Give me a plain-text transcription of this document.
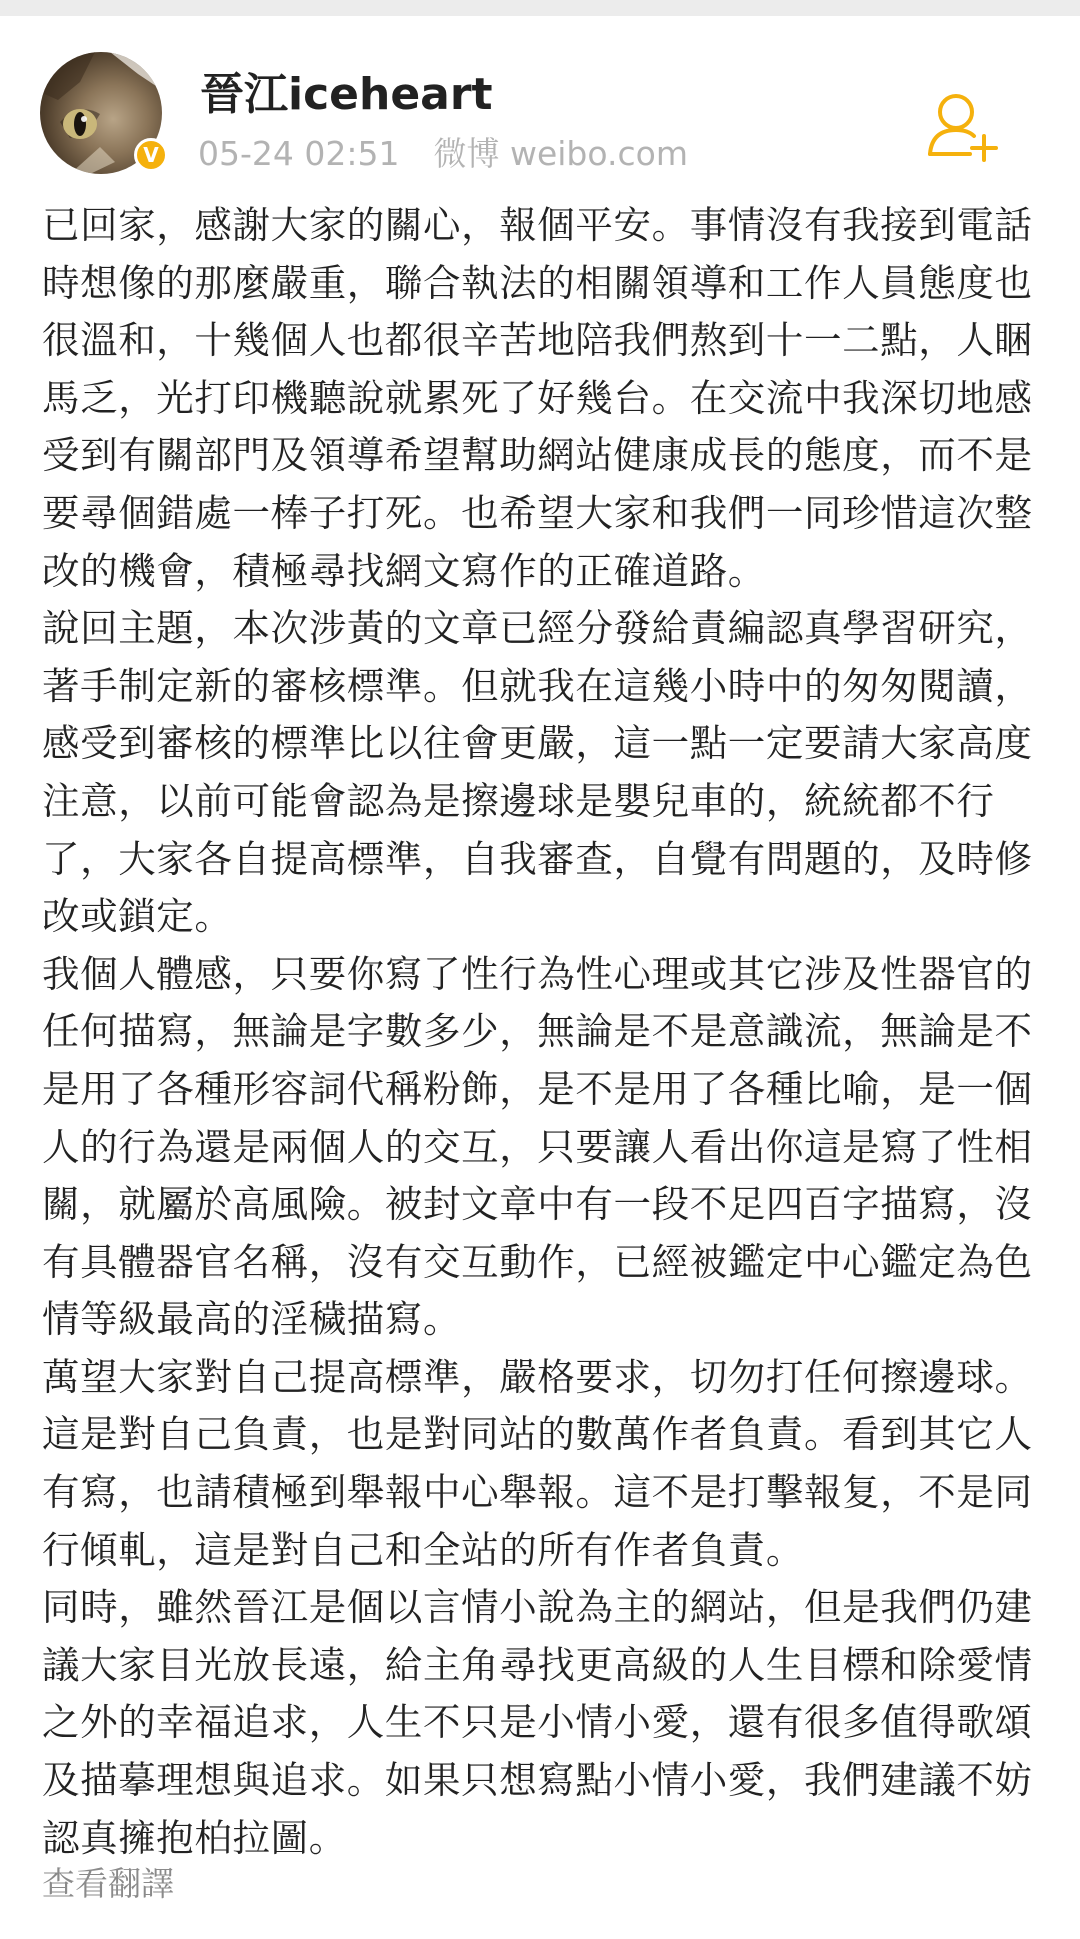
V
晉江iceheart
05-24 02:51 微博 weibo.com

已回家，感謝大家的關心，報個平安。事情沒有我接到電話時想像的那麼嚴重，聯合執法的相關領導和工作人員態度也很溫和，十幾個人也都很辛苦地陪我們熬到十一二點，人睏馬乏，光打印機聽說就累死了好幾台。在交流中我深切地感受到有關部門及領導希望幫助網站健康成長的態度，而不是要尋個錯處一棒子打死。也希望大家和我們一同珍惜這次整改的機會，積極尋找網文寫作的正確道路。

說回主題，本次涉黃的文章已經分發給責編認真學習研究，著手制定新的審核標準。但就我在這幾小時中的匆匆閱讀，感受到審核的標準比以往會更嚴，這一點一定要請大家高度注意，以前可能會認為是擦邊球是嬰兒車的，統統都不行了，大家各自提高標準，自我審查，自覺有問題的，及時修改或鎖定。

我個人體感，只要你寫了性行為性心理或其它涉及性器官的任何描寫，無論是字數多少，無論是不是意識流，無論是不是用了各種形容詞代稱粉飾，是不是用了各種比喻，是一個人的行為還是兩個人的交互，只要讓人看出你這是寫了性相關，就屬於高風險。被封文章中有一段不足四百字描寫，沒有具體器官名稱，沒有交互動作，已經被鑑定中心鑑定為色情等級最高的淫穢描寫。

萬望大家對自己提高標準，嚴格要求，切勿打任何擦邊球。這是對自己負責，也是對同站的數萬作者負責。看到其它人有寫，也請積極到舉報中心舉報。這不是打擊報复，不是同行傾軋，這是對自己和全站的所有作者負責。

同時，雖然晉江是個以言情小說為主的網站，但是我們仍建議大家目光放長遠，給主角尋找更高級的人生目標和除愛情之外的幸福追求，人生不只是小情小愛，還有很多值得歌頌及描摹理想與追求。如果只想寫點小情小愛，我們建議不妨認真擁抱柏拉圖。

查看翻譯
